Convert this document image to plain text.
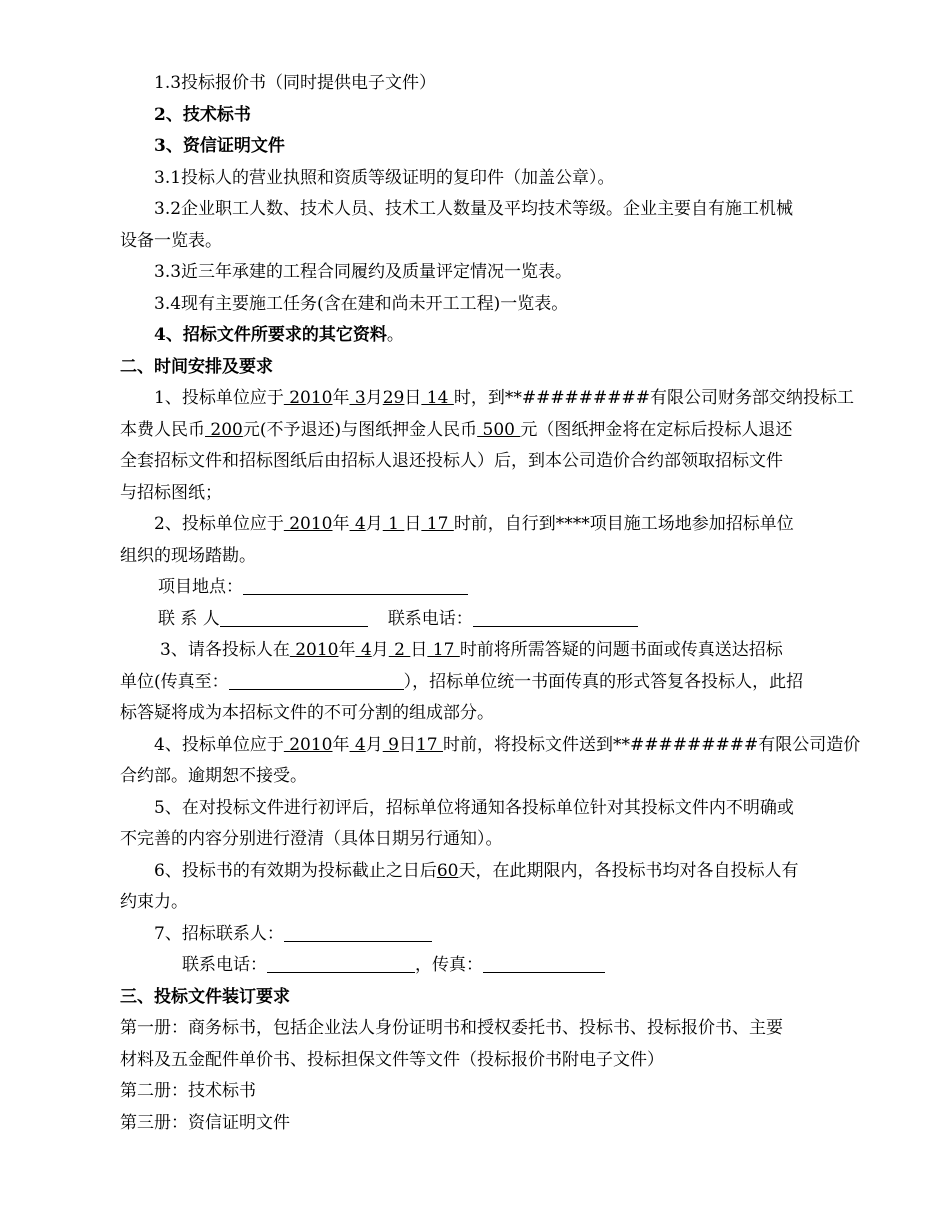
1.3投标报价书（同时提供电子文件）

2、技术标书

3、资信证明文件

3.1投标人的营业执照和资质等级证明的复印件（加盖公章）。

3.2企业职工人数、技术人员、技术工人数量及平均技术等级。企业主要自有施工机械

设备一览表。

3.3近三年承建的工程合同履约及质量评定情况一览表。

3.4现有主要施工任务(含在建和尚未开工工程)一览表。

4、招标文件所要求的其它资料。

二、时间安排及要求

1、投标单位应于 2010年 3月29日 14 时，到**#########有限公司财务部交纳投标工

本费人民币 200元(不予退还)与图纸押金人民币 500 元（图纸押金将在定标后投标人退还

全套招标文件和招标图纸后由招标人退还投标人）后，到本公司造价合约部领取招标文件

与招标图纸；

2、投标单位应于 2010年 4月 1 日 17 时前，自行到****项目施工场地参加招标单位

组织的现场踏勘。

项目地点：

联 系 人	联系电话：

3、请各投标人在 2010年 4月 2 日 17 时前将所需答疑的问题书面或传真送达招标

单位(传真至：	），招标单位统一书面传真的形式答复各投标人，此招

标答疑将成为本招标文件的不可分割的组成部分。

4、投标单位应于 2010年 4月 9日17 时前，将投标文件送到**#########有限公司造价

合约部。逾期恕不接受。

5、在对投标文件进行初评后，招标单位将通知各投标单位针对其投标文件内不明确或

不完善的内容分别进行澄清（具体日期另行通知）。

6、投标书的有效期为投标截止之日后60天，在此期限内，各投标书均对各自投标人有

约束力。

7、招标联系人：

联系电话：	，传真：

三、投标文件装订要求

第一册：商务标书，包括企业法人身份证明书和授权委托书、投标书、投标报价书、主要

材料及五金配件单价书、投标担保文件等文件（投标报价书附电子文件）

第二册：技术标书

第三册：资信证明文件
